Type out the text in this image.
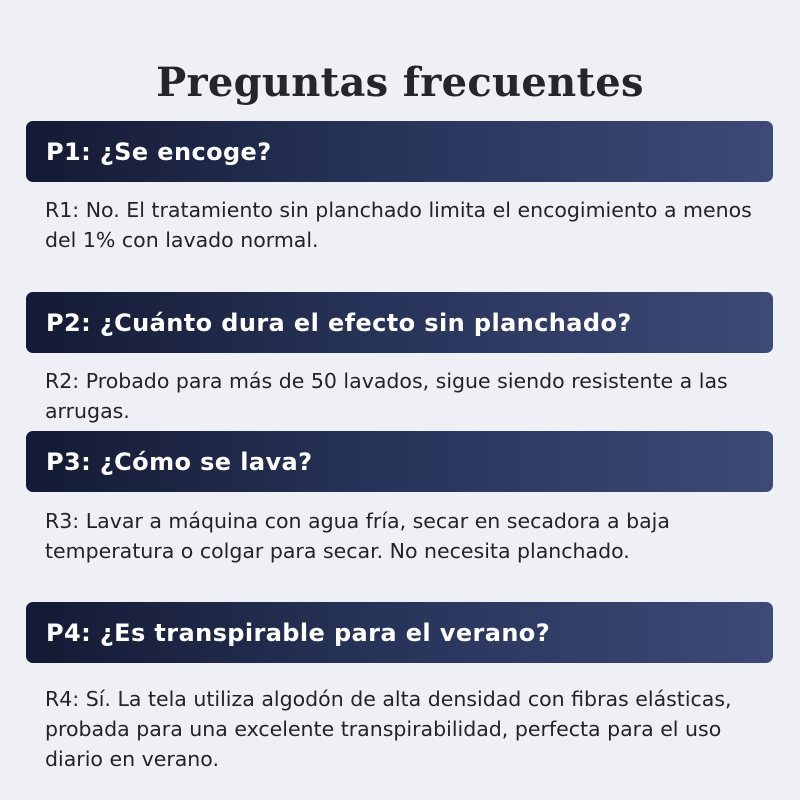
Preguntas frecuentes
P1: ¿Se encoge?

R1: No. El tratamiento sin planchado limita el encogimiento a menos del 1% con lavado normal.

P2: ¿Cuánto dura el efecto sin planchado?

R2: Probado para más de 50 lavados, sigue siendo resistente a las arrugas.

P3: ¿Cómo se lava?

R3: Lavar a máquina con agua fría, secar en secadora a baja temperatura o colgar para secar. No necesita planchado.

P4: ¿Es transpirable para el verano?

R4: Sí. La tela utiliza algodón de alta densidad con fibras elásticas, probada para una excelente transpirabilidad, perfecta para el uso diario en verano.
